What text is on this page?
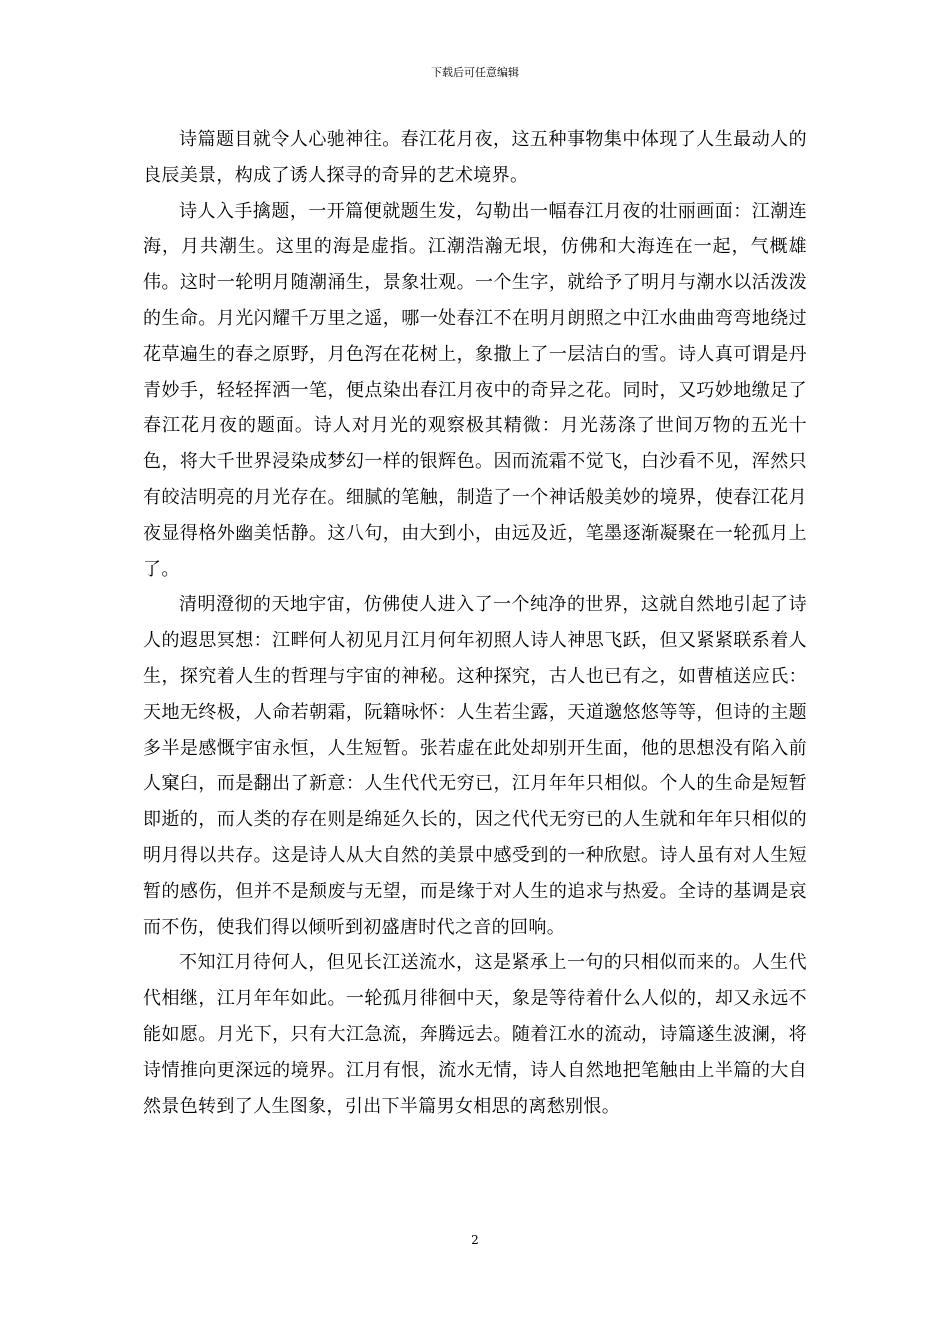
下载后可任意编辑

诗篇题目就令人心驰神往。春江花月夜，这五种事物集中体现了人生最动人的良辰美景，构成了诱人探寻的奇异的艺术境界。

诗人入手擒题，一开篇便就题生发，勾勒出一幅春江月夜的壮丽画面：江潮连海，月共潮生。这里的海是虚指。江潮浩瀚无垠，仿佛和大海连在一起，气概雄伟。这时一轮明月随潮涌生，景象壮观。一个生字，就给予了明月与潮水以活泼泼的生命。月光闪耀千万里之遥，哪一处春江不在明月朗照之中江水曲曲弯弯地绕过花草遍生的春之原野，月色泻在花树上，象撒上了一层洁白的雪。诗人真可谓是丹青妙手，轻轻挥洒一笔，便点染出春江月夜中的奇异之花。同时，又巧妙地缴足了春江花月夜的题面。诗人对月光的观察极其精微：月光荡涤了世间万物的五光十色，将大千世界浸染成梦幻一样的银辉色。因而流霜不觉飞，白沙看不见，浑然只有皎洁明亮的月光存在。细腻的笔触，制造了一个神话般美妙的境界，使春江花月夜显得格外幽美恬静。这八句，由大到小，由远及近，笔墨逐渐凝聚在一轮孤月上了。

清明澄彻的天地宇宙，仿佛使人进入了一个纯净的世界，这就自然地引起了诗人的遐思冥想：江畔何人初见月江月何年初照人诗人神思飞跃，但又紧紧联系着人生，探究着人生的哲理与宇宙的神秘。这种探究，古人也已有之，如曹植送应氏：天地无终极，人命若朝霜，阮籍咏怀：人生若尘露，天道邈悠悠等等，但诗的主题多半是感慨宇宙永恒，人生短暂。张若虚在此处却别开生面，他的思想没有陷入前人窠臼，而是翻出了新意：人生代代无穷已，江月年年只相似。个人的生命是短暂即逝的，而人类的存在则是绵延久长的，因之代代无穷已的人生就和年年只相似的明月得以共存。这是诗人从大自然的美景中感受到的一种欣慰。诗人虽有对人生短暂的感伤，但并不是颓废与无望，而是缘于对人生的追求与热爱。全诗的基调是哀而不伤，使我们得以倾听到初盛唐时代之音的回响。

不知江月待何人，但见长江送流水，这是紧承上一句的只相似而来的。人生代代相继，江月年年如此。一轮孤月徘徊中天，象是等待着什么人似的，却又永远不能如愿。月光下，只有大江急流，奔腾远去。随着江水的流动，诗篇遂生波澜，将诗情推向更深远的境界。江月有恨，流水无情，诗人自然地把笔触由上半篇的大自然景色转到了人生图象，引出下半篇男女相思的离愁别恨。

2
